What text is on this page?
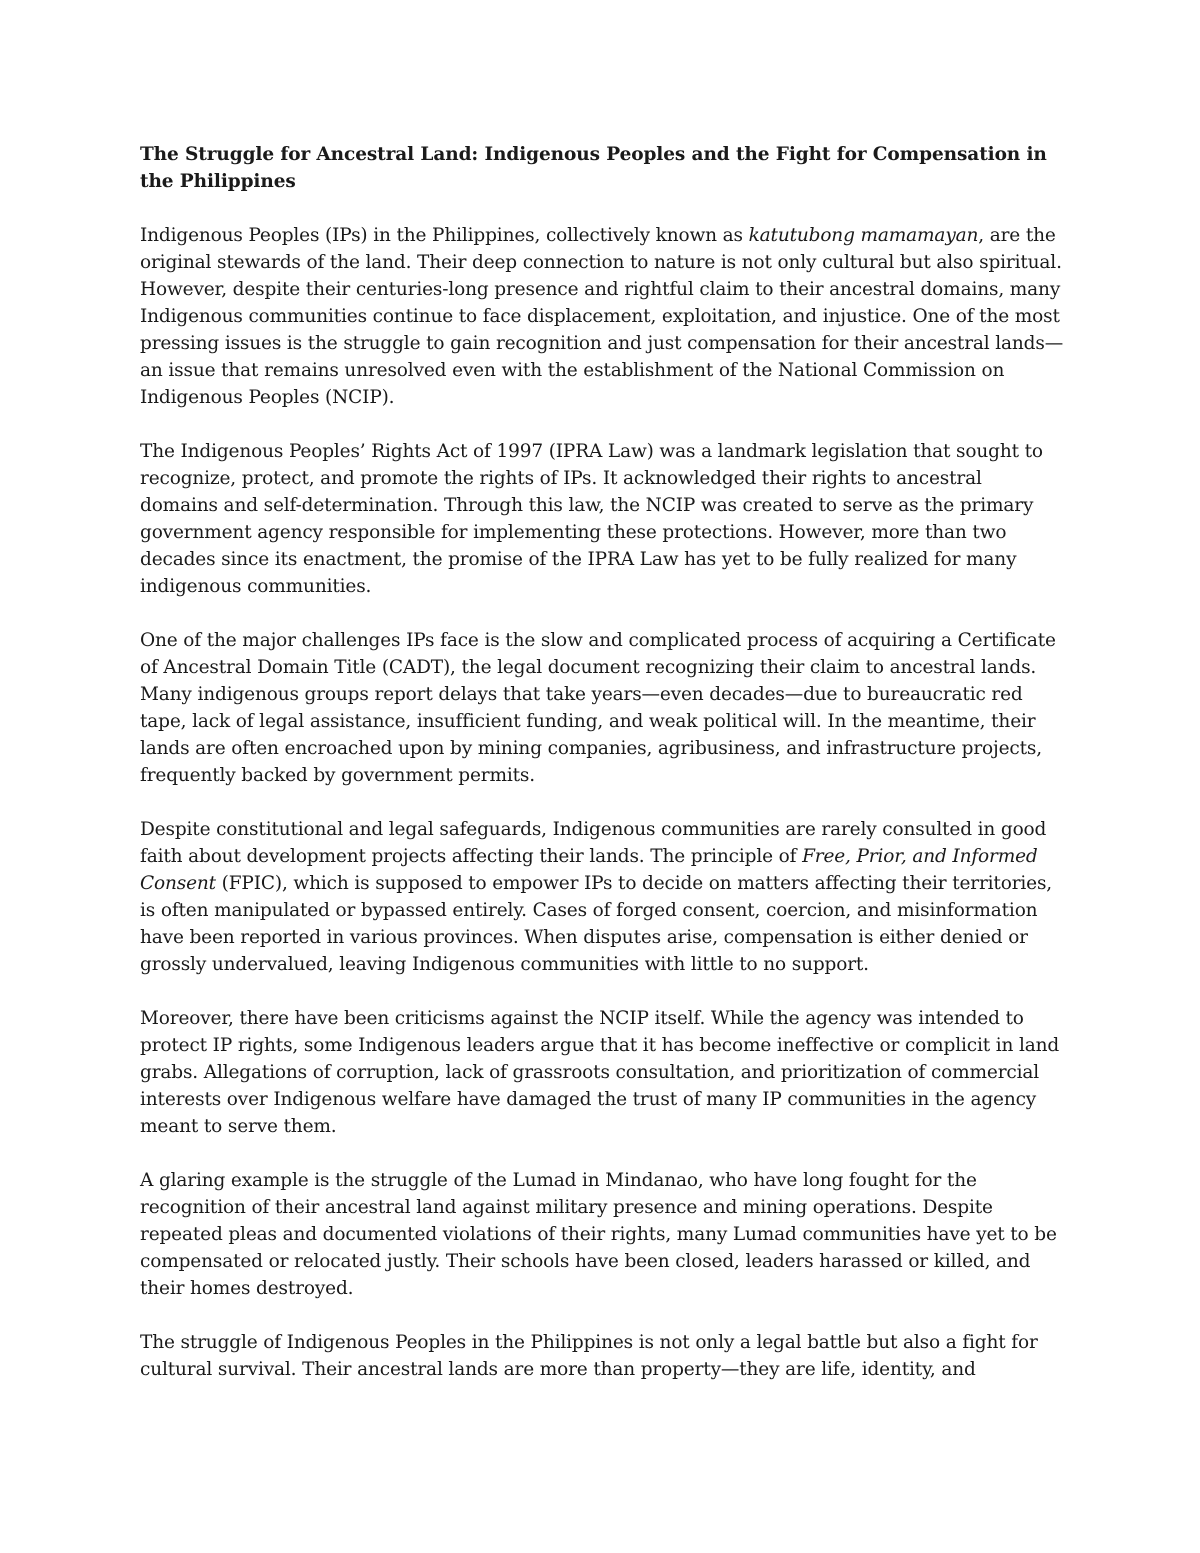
The Struggle for Ancestral Land: Indigenous Peoples and the Fight for Compensation in the Philippines

Indigenous Peoples (IPs) in the Philippines, collectively known as katutubong mamamayan, are the original stewards of the land. Their deep connection to nature is not only cultural but also spiritual. However, despite their centuries-long presence and rightful claim to their ancestral domains, many Indigenous communities continue to face displacement, exploitation, and injustice. One of the most pressing issues is the struggle to gain recognition and just compensation for their ancestral lands—an issue that remains unresolved even with the establishment of the National Commission on Indigenous Peoples (NCIP).

The Indigenous Peoples’ Rights Act of 1997 (IPRA Law) was a landmark legislation that sought to recognize, protect, and promote the rights of IPs. It acknowledged their rights to ancestral domains and self-determination. Through this law, the NCIP was created to serve as the primary government agency responsible for implementing these protections. However, more than two decades since its enactment, the promise of the IPRA Law has yet to be fully realized for many indigenous communities.

One of the major challenges IPs face is the slow and complicated process of acquiring a Certificate of Ancestral Domain Title (CADT), the legal document recognizing their claim to ancestral lands. Many indigenous groups report delays that take years—even decades—due to bureaucratic red tape, lack of legal assistance, insufficient funding, and weak political will. In the meantime, their lands are often encroached upon by mining companies, agribusiness, and infrastructure projects, frequently backed by government permits.

Despite constitutional and legal safeguards, Indigenous communities are rarely consulted in good faith about development projects affecting their lands. The principle of Free, Prior, and Informed Consent (FPIC), which is supposed to empower IPs to decide on matters affecting their territories, is often manipulated or bypassed entirely. Cases of forged consent, coercion, and misinformation have been reported in various provinces. When disputes arise, compensation is either denied or grossly undervalued, leaving Indigenous communities with little to no support.

Moreover, there have been criticisms against the NCIP itself. While the agency was intended to protect IP rights, some Indigenous leaders argue that it has become ineffective or complicit in land grabs. Allegations of corruption, lack of grassroots consultation, and prioritization of commercial interests over Indigenous welfare have damaged the trust of many IP communities in the agency meant to serve them.

A glaring example is the struggle of the Lumad in Mindanao, who have long fought for the recognition of their ancestral land against military presence and mining operations. Despite repeated pleas and documented violations of their rights, many Lumad communities have yet to be compensated or relocated justly. Their schools have been closed, leaders harassed or killed, and their homes destroyed.

The struggle of Indigenous Peoples in the Philippines is not only a legal battle but also a fight for cultural survival. Their ancestral lands are more than property—they are life, identity, and
